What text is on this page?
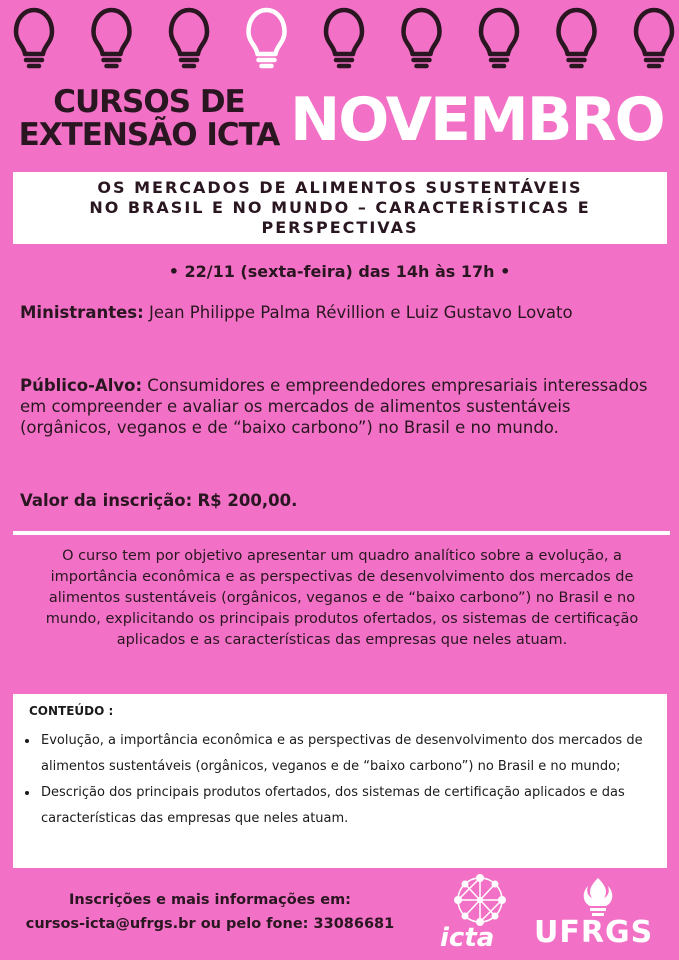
CURSOS DE
EXTENSÃO ICTA NOVEMBRO
OS MERCADOS DE ALIMENTOS SUSTENTÁVEIS
NO BRASIL E NO MUNDO – CARACTERÍSTICAS E
PERSPECTIVAS
• 22/11 (sexta-feira) das 14h às 17h •
Ministrantes: Jean Philippe Palma Révillion e Luiz Gustavo Lovato
Público-Alvo: Consumidores e empreendedores empresariais interessados em compreender e avaliar os mercados de alimentos sustentáveis (orgânicos, veganos e de “baixo carbono”) no Brasil e no mundo.
Valor da inscrição: R$ 200,00.
O curso tem por objetivo apresentar um quadro analítico sobre a evolução, a importância econômica e as perspectivas de desenvolvimento dos mercados de alimentos sustentáveis (orgânicos, veganos e de “baixo carbono”) no Brasil e no mundo, explicitando os principais produtos ofertados, os sistemas de certificação aplicados e as características das empresas que neles atuam.
CONTEÚDO :
• Evolução, a importância econômica e as perspectivas de desenvolvimento dos mercados de alimentos sustentáveis (orgânicos, veganos e de “baixo carbono”) no Brasil e no mundo;
• Descrição dos principais produtos ofertados, dos sistemas de certificação aplicados e das características das empresas que neles atuam.
Inscrições e mais informações em:
cursos-icta@ufrgs.br ou pelo fone: 33086681	icta UFRGS
